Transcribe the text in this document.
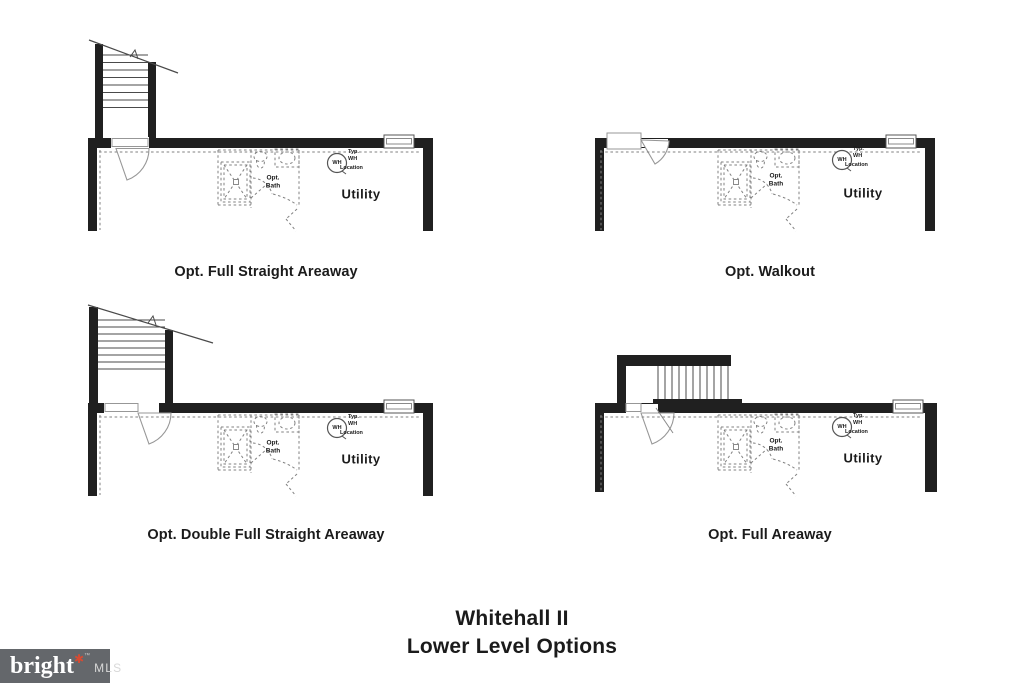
WH
Typ.
WH
Location
Opt.
Bath
Utility
Opt. Full Straight Areaway
WH
Typ.
WH
Location
Opt.
Bath
Utility
Opt. Walkout
WH
Typ.
WH
Location
Opt.
Bath
Utility
Opt. Double Full Straight Areaway
WH
Typ.
WH
Location
Opt.
Bath
Utility
Opt. Full Areaway
Whitehall II
Lower Level Options
bright ✱ ™
MLS
